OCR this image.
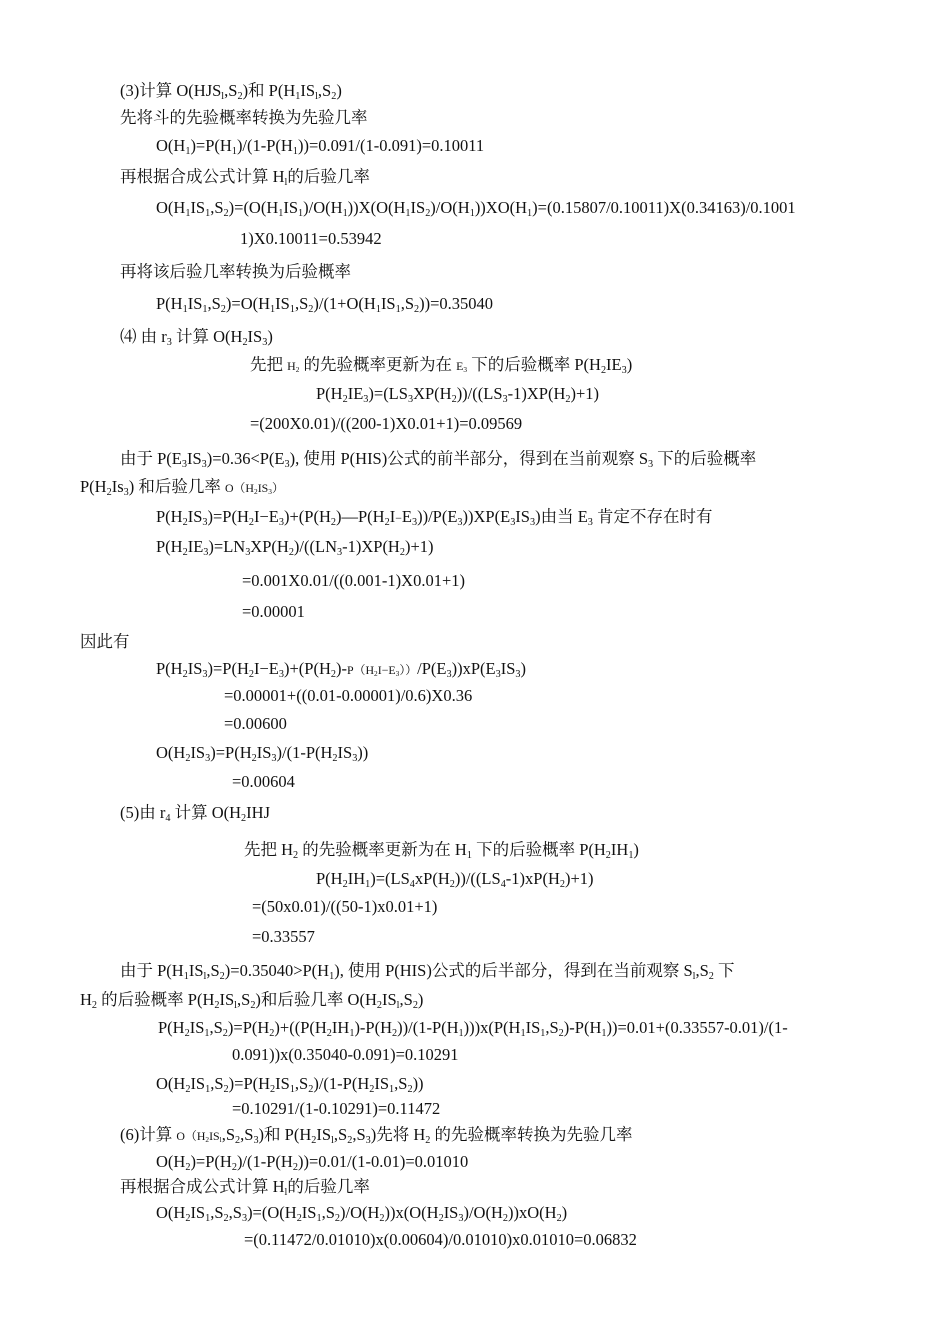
(3)计算 $O(HJS_l,S_2)$和 $P(H_1IS_l,S_2)$
先将斗的先验概率转换为先验几率
$O(H_1)=P(H_1)/(1-P(H_1))=0.091/(1-0.091)=0.10011$
再根据合成公式计算 $H_l$的后验几率
$O(H_1IS_1,S_2)=(O(H_1IS_1)/O(H_1))X(O(H_1IS_2)/O(H_1))XO(H_1)=(0.15807/0.10011)X(0.34163)/0.1001$
1)X0.10011=0.53942
再将该后验几率转换为后验概率
$P(H_1IS_1,S_2)=O(H_1IS_1,S_2)/(1+O(H_1IS_1,S_2))=0.35040$
⑷ 由 $r_3$ 计算 $O(H_2IS_3)$
先把 $H_2$ 的先验概率更新为在 $E_3$ 下的后验概率 $P(H_2IE_3)$
$P(H_2IE_3)=(LS_3XP(H_2))/((LS_3-1)XP(H_2)+1)$
=(200X0.01)/((200-1)X0.01+1)=0.09569
由于 $P(E_3IS_3)=0.36<P(E_3)$, 使用 P(HIS)公式的前半部分，得到在当前观察 $S_3$ 下的后验概率
$P(H_2Is_3)$ 和后验几率 $O(H_2IS_3)$
$P(H_2IS_3)=P(H_2I-E_3)+(P(H_2)—P(H_2I-E_3))/P(E_3))XP(E_3IS_3)$由当 $E_3$ 肯定不存在时有
$P(H_2IE_3)=LN_3XP(H_2)/((LN_3-1)XP(H_2)+1)$
=0.001X0.01/((0.001-1)X0.01+1)
=0.00001
因此有
$P(H_2IS_3)=P(H_2I-E_3)+(P(H_2)-P(H_2I-E_3))/P(E_3))xP(E_3IS_3)$
=0.00001+((0.01-0.00001)/0.6)X0.36
=0.00600
$O(H_2IS_3)=P(H_2IS_3)/(1-P(H_2IS_3))$
=0.00604
(5)由 $r_4$ 计算 $O(H_2IHJ$
先把 $H_2$ 的先验概率更新为在 $H_1$ 下的后验概率 $P(H_2IH_1)$
$P(H_2IH_1)=(LS_4xP(H_2))/((LS_4-1)xP(H_2)+1)$
=(50x0.01)/((50-1)x0.01+1)
=0.33557
由于 $P(H_1IS_l,S_2)=0.35040>P(H_1)$, 使用 P(HIS)公式的后半部分，得到在当前观察 $S_l,S_2$ 下
$H_2$ 的后验概率 $P(H_2IS_l,S_2)$和后验几率 $O(H_2IS_l,S_2)$
$P(H_2IS_1,S_2)=P(H_2)+((P(H_2IH_1)-P(H_2))/(1-P(H_1)))x(P(H_1IS_1,S_2)-P(H_1))=0.01+(0.33557-0.01)/(1-$
0.091))x(0.35040-0.091)=0.10291
$O(H_2IS_1,S_2)=P(H_2IS_1,S_2)/(1-P(H_2IS_1,S_2))$
=0.10291/(1-0.10291)=0.11472
(6)计算 $O(H_2IS_l,S_2,S_3)$和 $P(H_2IS_l,S_2,S_3)$先将 $H_2$ 的先验概率转换为先验几率
$O(H_2)=P(H_2)/(1-P(H_2))=0.01/(1-0.01)=0.01010$
再根据合成公式计算 $H_l$的后验几率
$O(H_2IS_1,S_2,S_3)=(O(H_2IS_1,S_2)/O(H_2))x(O(H_2IS_3)/O(H_2))xO(H_2)$
=(0.11472/0.01010)x(0.00604)/0.01010)x0.01010=0.06832
